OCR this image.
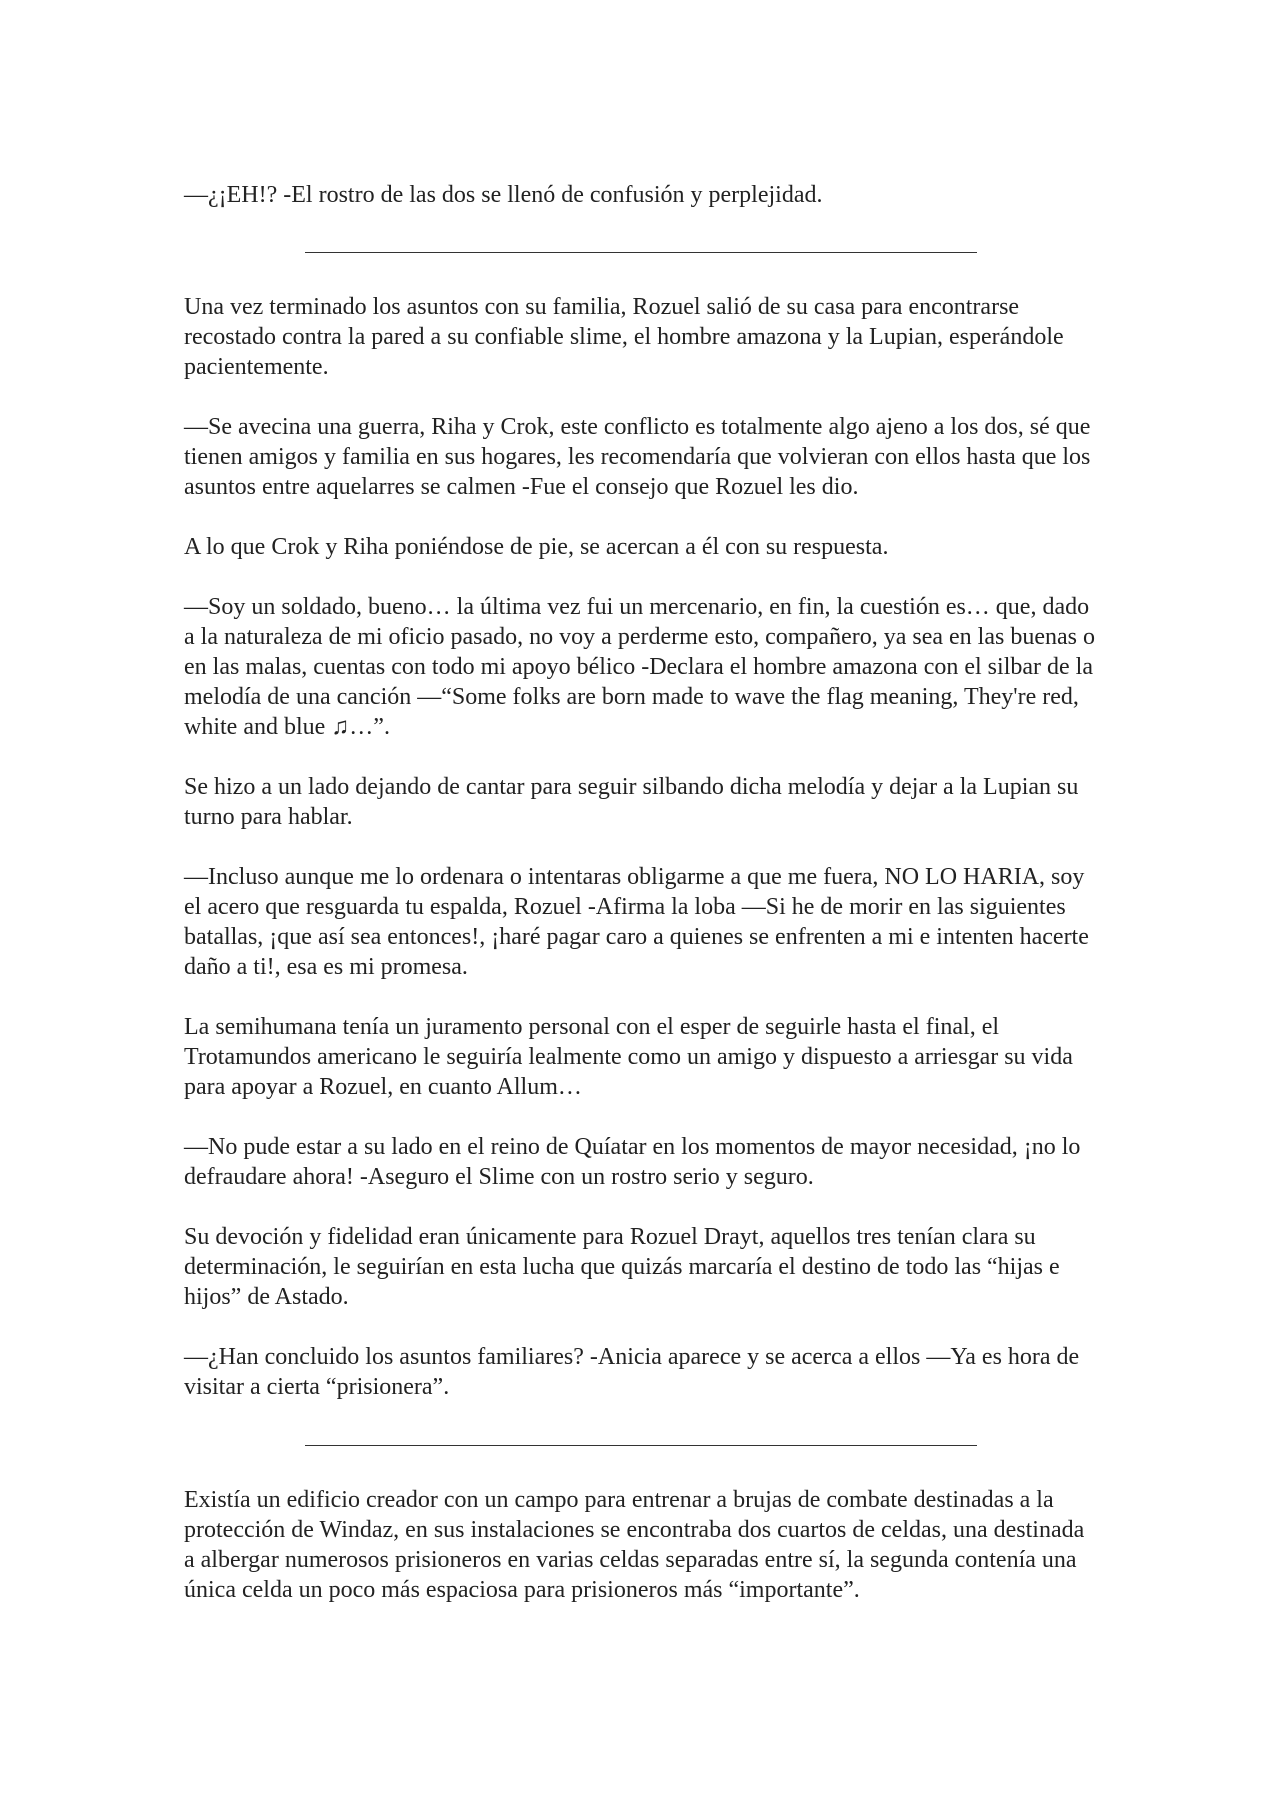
—¿¡EH!? -El rostro de las dos se llenó de confusión y perplejidad.

Una vez terminado los asuntos con su familia, Rozuel salió de su casa para encontrarse recostado contra la pared a su confiable slime, el hombre amazona y la Lupian, esperándole pacientemente.

—Se avecina una guerra, Riha y Crok, este conflicto es totalmente algo ajeno a los dos, sé que tienen amigos y familia en sus hogares, les recomendaría que volvieran con ellos hasta que los asuntos entre aquelarres se calmen -Fue el consejo que Rozuel les dio.

A lo que Crok y Riha poniéndose de pie, se acercan a él con su respuesta.

—Soy un soldado, bueno… la última vez fui un mercenario, en fin, la cuestión es… que, dado a la naturaleza de mi oficio pasado, no voy a perderme esto, compañero, ya sea en las buenas o en las malas, cuentas con todo mi apoyo bélico -Declara el hombre amazona con el silbar de la melodía de una canción —“Some folks are born made to wave the flag meaning, They're red, white and blue ♫…”.

Se hizo a un lado dejando de cantar para seguir silbando dicha melodía y dejar a la Lupian su turno para hablar.

—Incluso aunque me lo ordenara o intentaras obligarme a que me fuera, NO LO HARIA, soy el acero que resguarda tu espalda, Rozuel -Afirma la loba —Si he de morir en las siguientes batallas, ¡que así sea entonces!, ¡haré pagar caro a quienes se enfrenten a mi e intenten hacerte daño a ti!, esa es mi promesa.

La semihumana tenía un juramento personal con el esper de seguirle hasta el final, el Trotamundos americano le seguiría lealmente como un amigo y dispuesto a arriesgar su vida para apoyar a Rozuel, en cuanto Allum…

—No pude estar a su lado en el reino de Quíatar en los momentos de mayor necesidad, ¡no lo defraudare ahora! -Aseguro el Slime con un rostro serio y seguro.

Su devoción y fidelidad eran únicamente para Rozuel Drayt, aquellos tres tenían clara su determinación, le seguirían en esta lucha que quizás marcaría el destino de todo las “hijas e hijos” de Astado.

—¿Han concluido los asuntos familiares? -Anicia aparece y se acerca a ellos —Ya es hora de visitar a cierta “prisionera”.

Existía un edificio creador con un campo para entrenar a brujas de combate destinadas a la protección de Windaz, en sus instalaciones se encontraba dos cuartos de celdas, una destinada a albergar numerosos prisioneros en varias celdas separadas entre sí, la segunda contenía una única celda un poco más espaciosa para prisioneros más “importante”.
